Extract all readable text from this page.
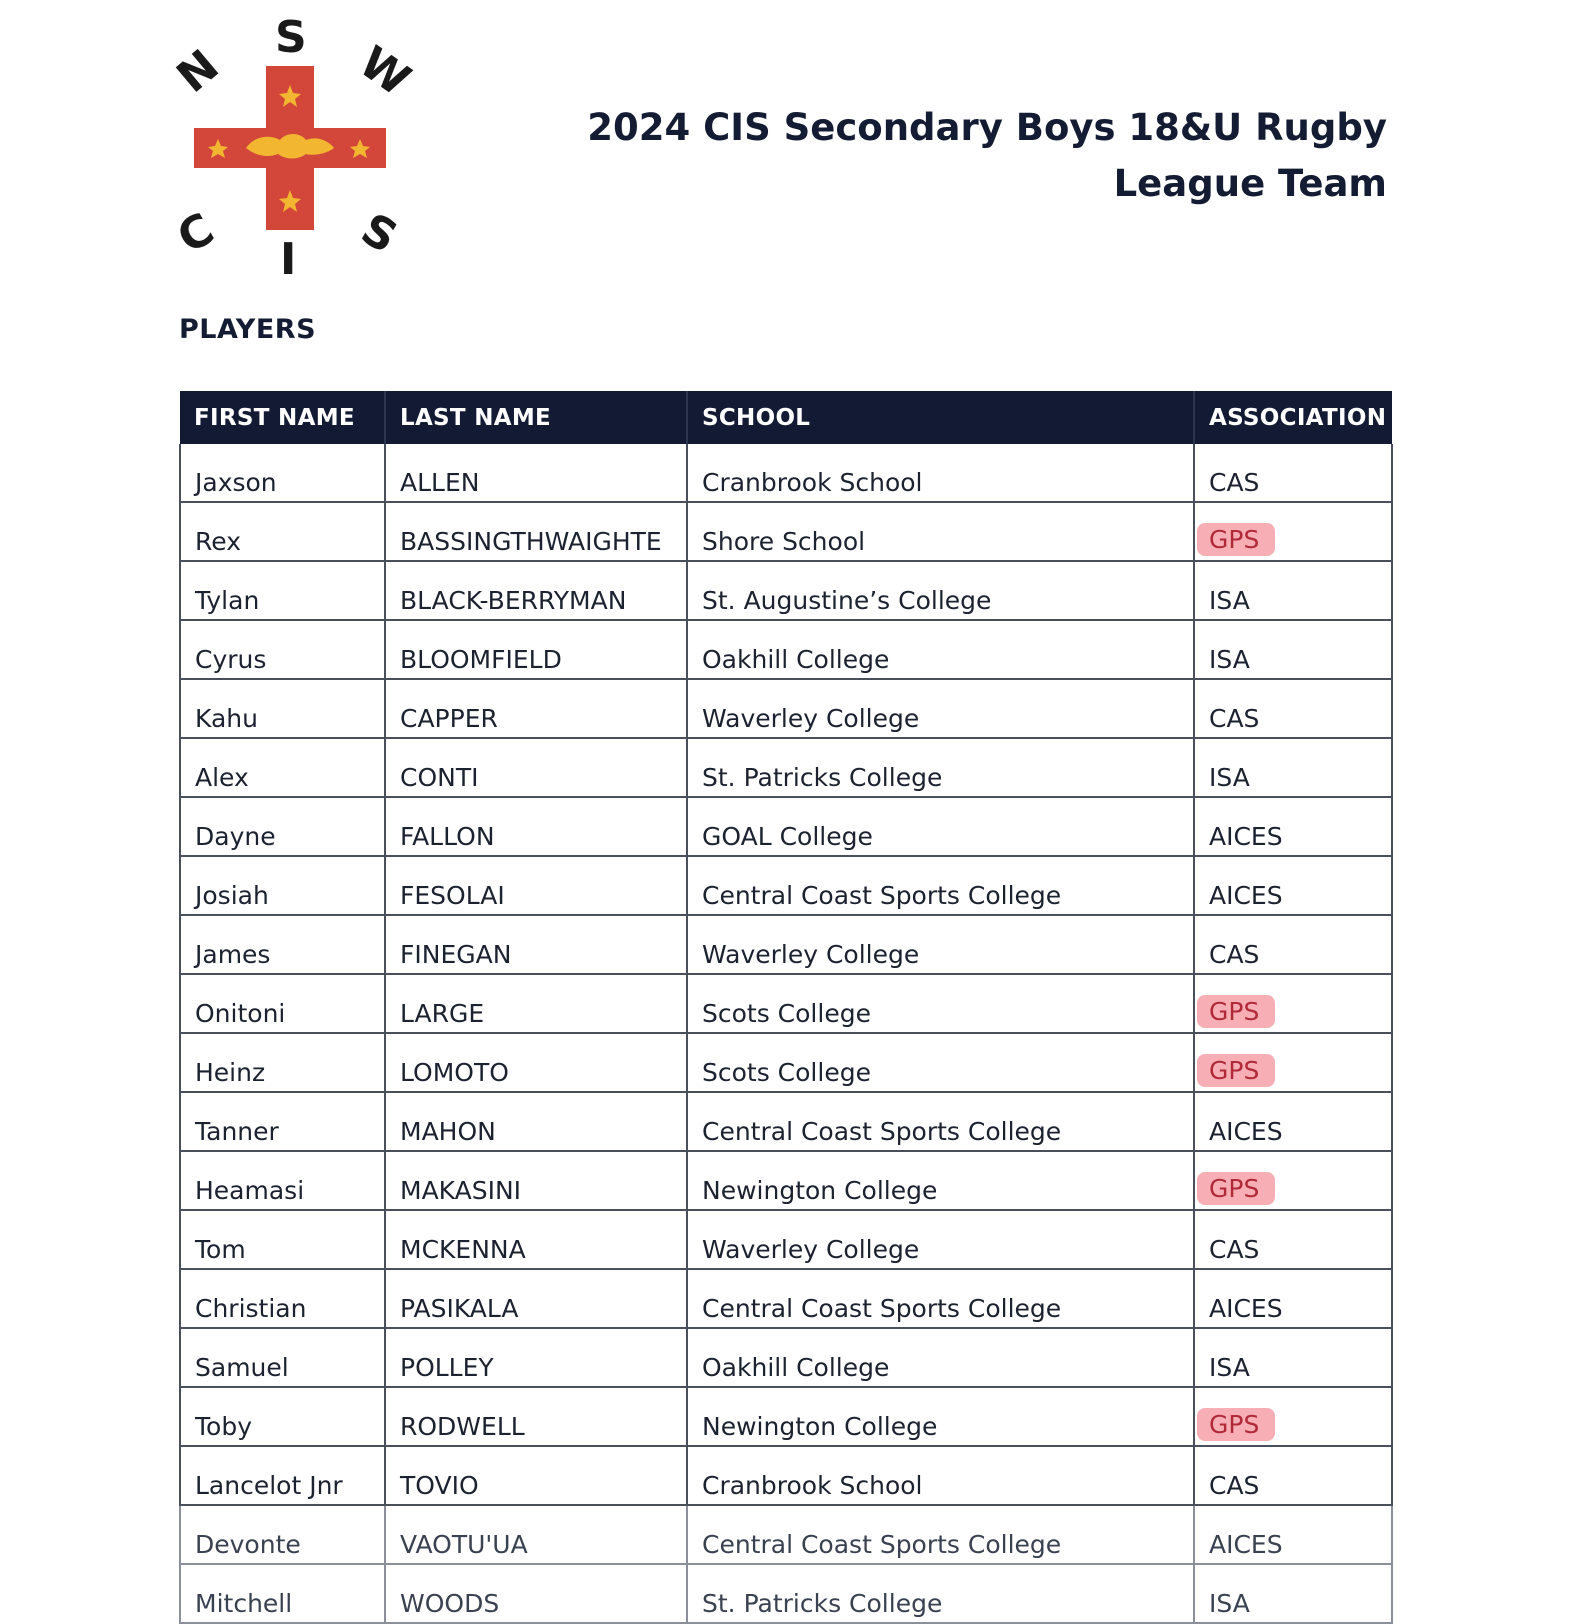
S
N	W
C I S
2024 CIS Secondary Boys 18&U Rugby League Team
PLAYERS
FIRST NAME	LAST NAME	SCHOOL	ASSOCIATION
Jaxson	ALLEN	Cranbrook School	CAS
Rex	BASSINGTHWAIGHTE	Shore School	GPS
Tylan	BLACK-BERRYMAN	St. Augustine’s College	ISA
Cyrus	BLOOMFIELD	Oakhill College	ISA
Kahu	CAPPER	Waverley College	CAS
Alex	CONTI	St. Patricks College	ISA
Dayne	FALLON	GOAL College	AICES
Josiah	FESOLAI	Central Coast Sports College	AICES
James	FINEGAN	Waverley College	CAS
Onitoni	LARGE	Scots College	GPS
Heinz	LOMOTO	Scots College	GPS
Tanner	MAHON	Central Coast Sports College	AICES
Heamasi	MAKASINI	Newington College	GPS
Tom	MCKENNA	Waverley College	CAS
Christian	PASIKALA	Central Coast Sports College	AICES
Samuel	POLLEY	Oakhill College	ISA
Toby	RODWELL	Newington College	GPS
Lancelot Jnr	TOVIO	Cranbrook School	CAS
Devonte	VAOTU'UA	Central Coast Sports College	AICES
Mitchell	WOODS	St. Patricks College	ISA
